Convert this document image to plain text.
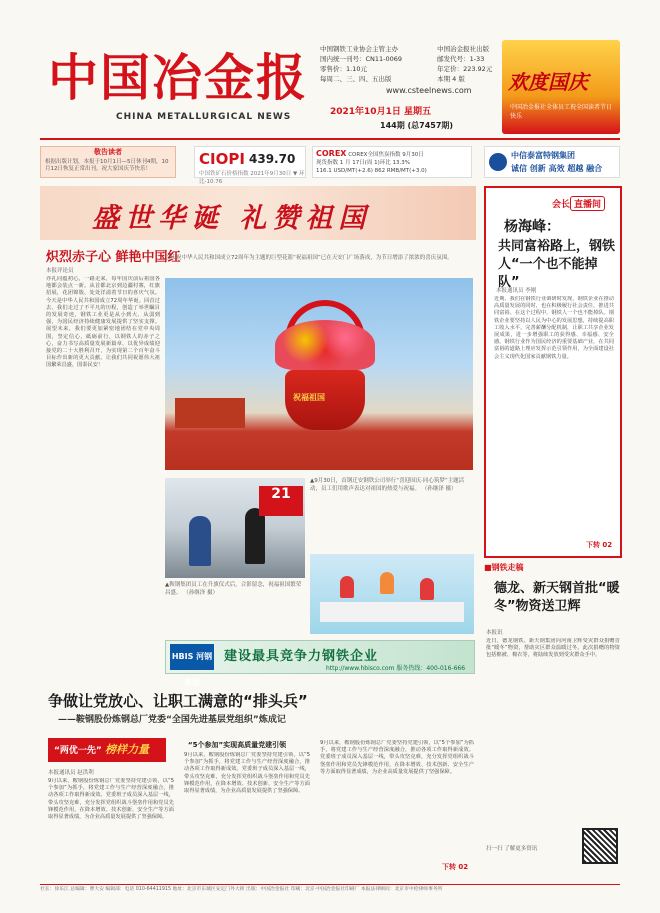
中国冶金报
CHINA METALLURGICAL NEWS
中国钢铁工业协会主管主办	中国冶金报社出版 国内统一刊号：CN11-0069	邮发代号：1-33 零售价：1.10元	年定价：223.92元 每周二、三、四、五出版	本期 4 版
www.csteelnews.com
2021年10月1日 星期五
144期 (总7457期)
欢度国庆
中国冶金报社全体员工祝全国读者节日快乐
敬告读者
根据出版计划，本报于10月1日—5日休刊4期，10月12日恢复正常出刊，祝大家国庆节快乐！
CIOPI 439.70
中国铁矿石价格指数 2021年9月30日 ▼ 环比-10.76
COREX COREX全国焦炭指数 9月30日
现货指数 1 月 17日(周 1)环比 13.3%
116.1 USD/MT(+2.6) 862 RMB/MT(+3.0)
中信泰富特钢集团
诚信 创新 高效 超越 融合
盛世华诞 礼赞祖国
炽烈赤子心 鲜艳中国红
本报评论员
亦礼同蕴初心，一路走来，每年国庆前后祖国各地都会装点一新。从首都北京到边疆村寨，红旗招展，花团锦簇，处处洋溢着节日的喜庆气氛。今天是中华人民共和国成立72周年华诞。回首过去，我们走过了不平凡的历程，创造了举世瞩目的发展奇迹，钢铁工业更是从小到大、从弱到强，为国民经济持续健康发展提供了坚实支撑。展望未来，我们要更加紧密地团结在党中央周围，坚定信心，砥砺前行，以钢铁人的赤子之心，奋力书写高质量发展新篇章，以优异成绩迎接党的二十大胜利召开，为实现第二个百年奋斗目标作出新的更大贡献。让我们共同祝愿伟大祖国繁荣昌盛，国泰民安！
以庆祝中华人民共和国成立72周年为主题的巨型花篮“祝福祖国”已在天安门广场落成，为节日增添了浓浓的喜庆氛围。
祝福祖国
21
▲9月30日，首钢迁安钢铁公司举行“喜迎国庆·同心筑梦”主题活动，员工们用歌声表达对祖国的热爱与祝福。 （孙继泽 摄）
▲鞍钢集团员工在升旗仪式后，合影留念，祝福祖国繁荣昌盛。 （孙继泽 摄）
HBIS 河钢集团
建设最具竞争力钢铁企业
http://www.hbisco.com 服务热线：400-016-666
争做让党放心、让职工满意的“排头兵”
——鞍钢股份炼钢总厂党委“全国先进基层党组织”炼成记
“两优一先” 榜样力量	“5个参加”实现高质量党建引领
本报通讯员 赵洪利
9月以来，鞍钢股份炼钢总厂党委坚持党建引领，以“5个参加”为抓手，将党建工作与生产经营深度融合，推动各项工作取得新成效。党委班子成员深入基层一线，带头攻坚克难，充分发挥党组织战斗堡垒作用和党员先锋模范作用，在降本增效、技术创新、安全生产等方面取得显著成绩，为企业高质量发展提供了坚强保障。
9月以来，鞍钢股份炼钢总厂党委坚持党建引领，以“5个参加”为抓手，将党建工作与生产经营深度融合，推动各项工作取得新成效。党委班子成员深入基层一线，带头攻坚克难，充分发挥党组织战斗堡垒作用和党员先锋模范作用，在降本增效、技术创新、安全生产等方面取得显著成绩，为企业高质量发展提供了坚强保障。
9月以来，鞍钢股份炼钢总厂党委坚持党建引领，以“5个参加”为抓手，将党建工作与生产经营深度融合，推动各项工作取得新成效。党委班子成员深入基层一线，带头攻坚克难，充分发挥党组织战斗堡垒作用和党员先锋模范作用，在降本增效、技术创新、安全生产等方面取得显著成绩，为企业高质量发展提供了坚强保障。
下转 02
会长 直播间
杨海峰：
共同富裕路上，钢铁人“一个也不能掉队”
本报通讯员 李刚
近期，我们在钢铁行业调研时发现，钢铁企业在推动高质量发展的同时，也在积极履行社会责任，推进共同富裕。在这个过程中，钢铁人一个也不能掉队。钢铁企业要坚持以人民为中心的发展思想，持续提高职工收入水平，完善薪酬分配机制，让职工共享企业发展成果，进一步增强职工的获得感、幸福感、安全感。钢铁行业作为国民经济的重要基础产业，在共同富裕的道路上理应发挥示范引领作用，为全面建设社会主义现代化国家贡献钢铁力量。
下转 02
■钢铁走稿
德龙、新天钢首批“暖冬”物资送卫辉
本报讯
近日，德龙钢铁、新天钢集团向河南卫辉受灾群众捐赠首批“暖冬”物资，帮助灾区群众温暖过冬。此次捐赠的物资包括棉被、棉衣等，将陆续发放到受灾群众手中。
扫一扫 了解更多资讯
社长：徐乐江 总编辑：曹大安 编辑部：电话 010-64411915 地址：北京市东城区安定门外大街 出版：中国冶金报社 印刷：北京·中国冶金报社印刷厂 本报法律顾问：北京市中伦律师事务所
